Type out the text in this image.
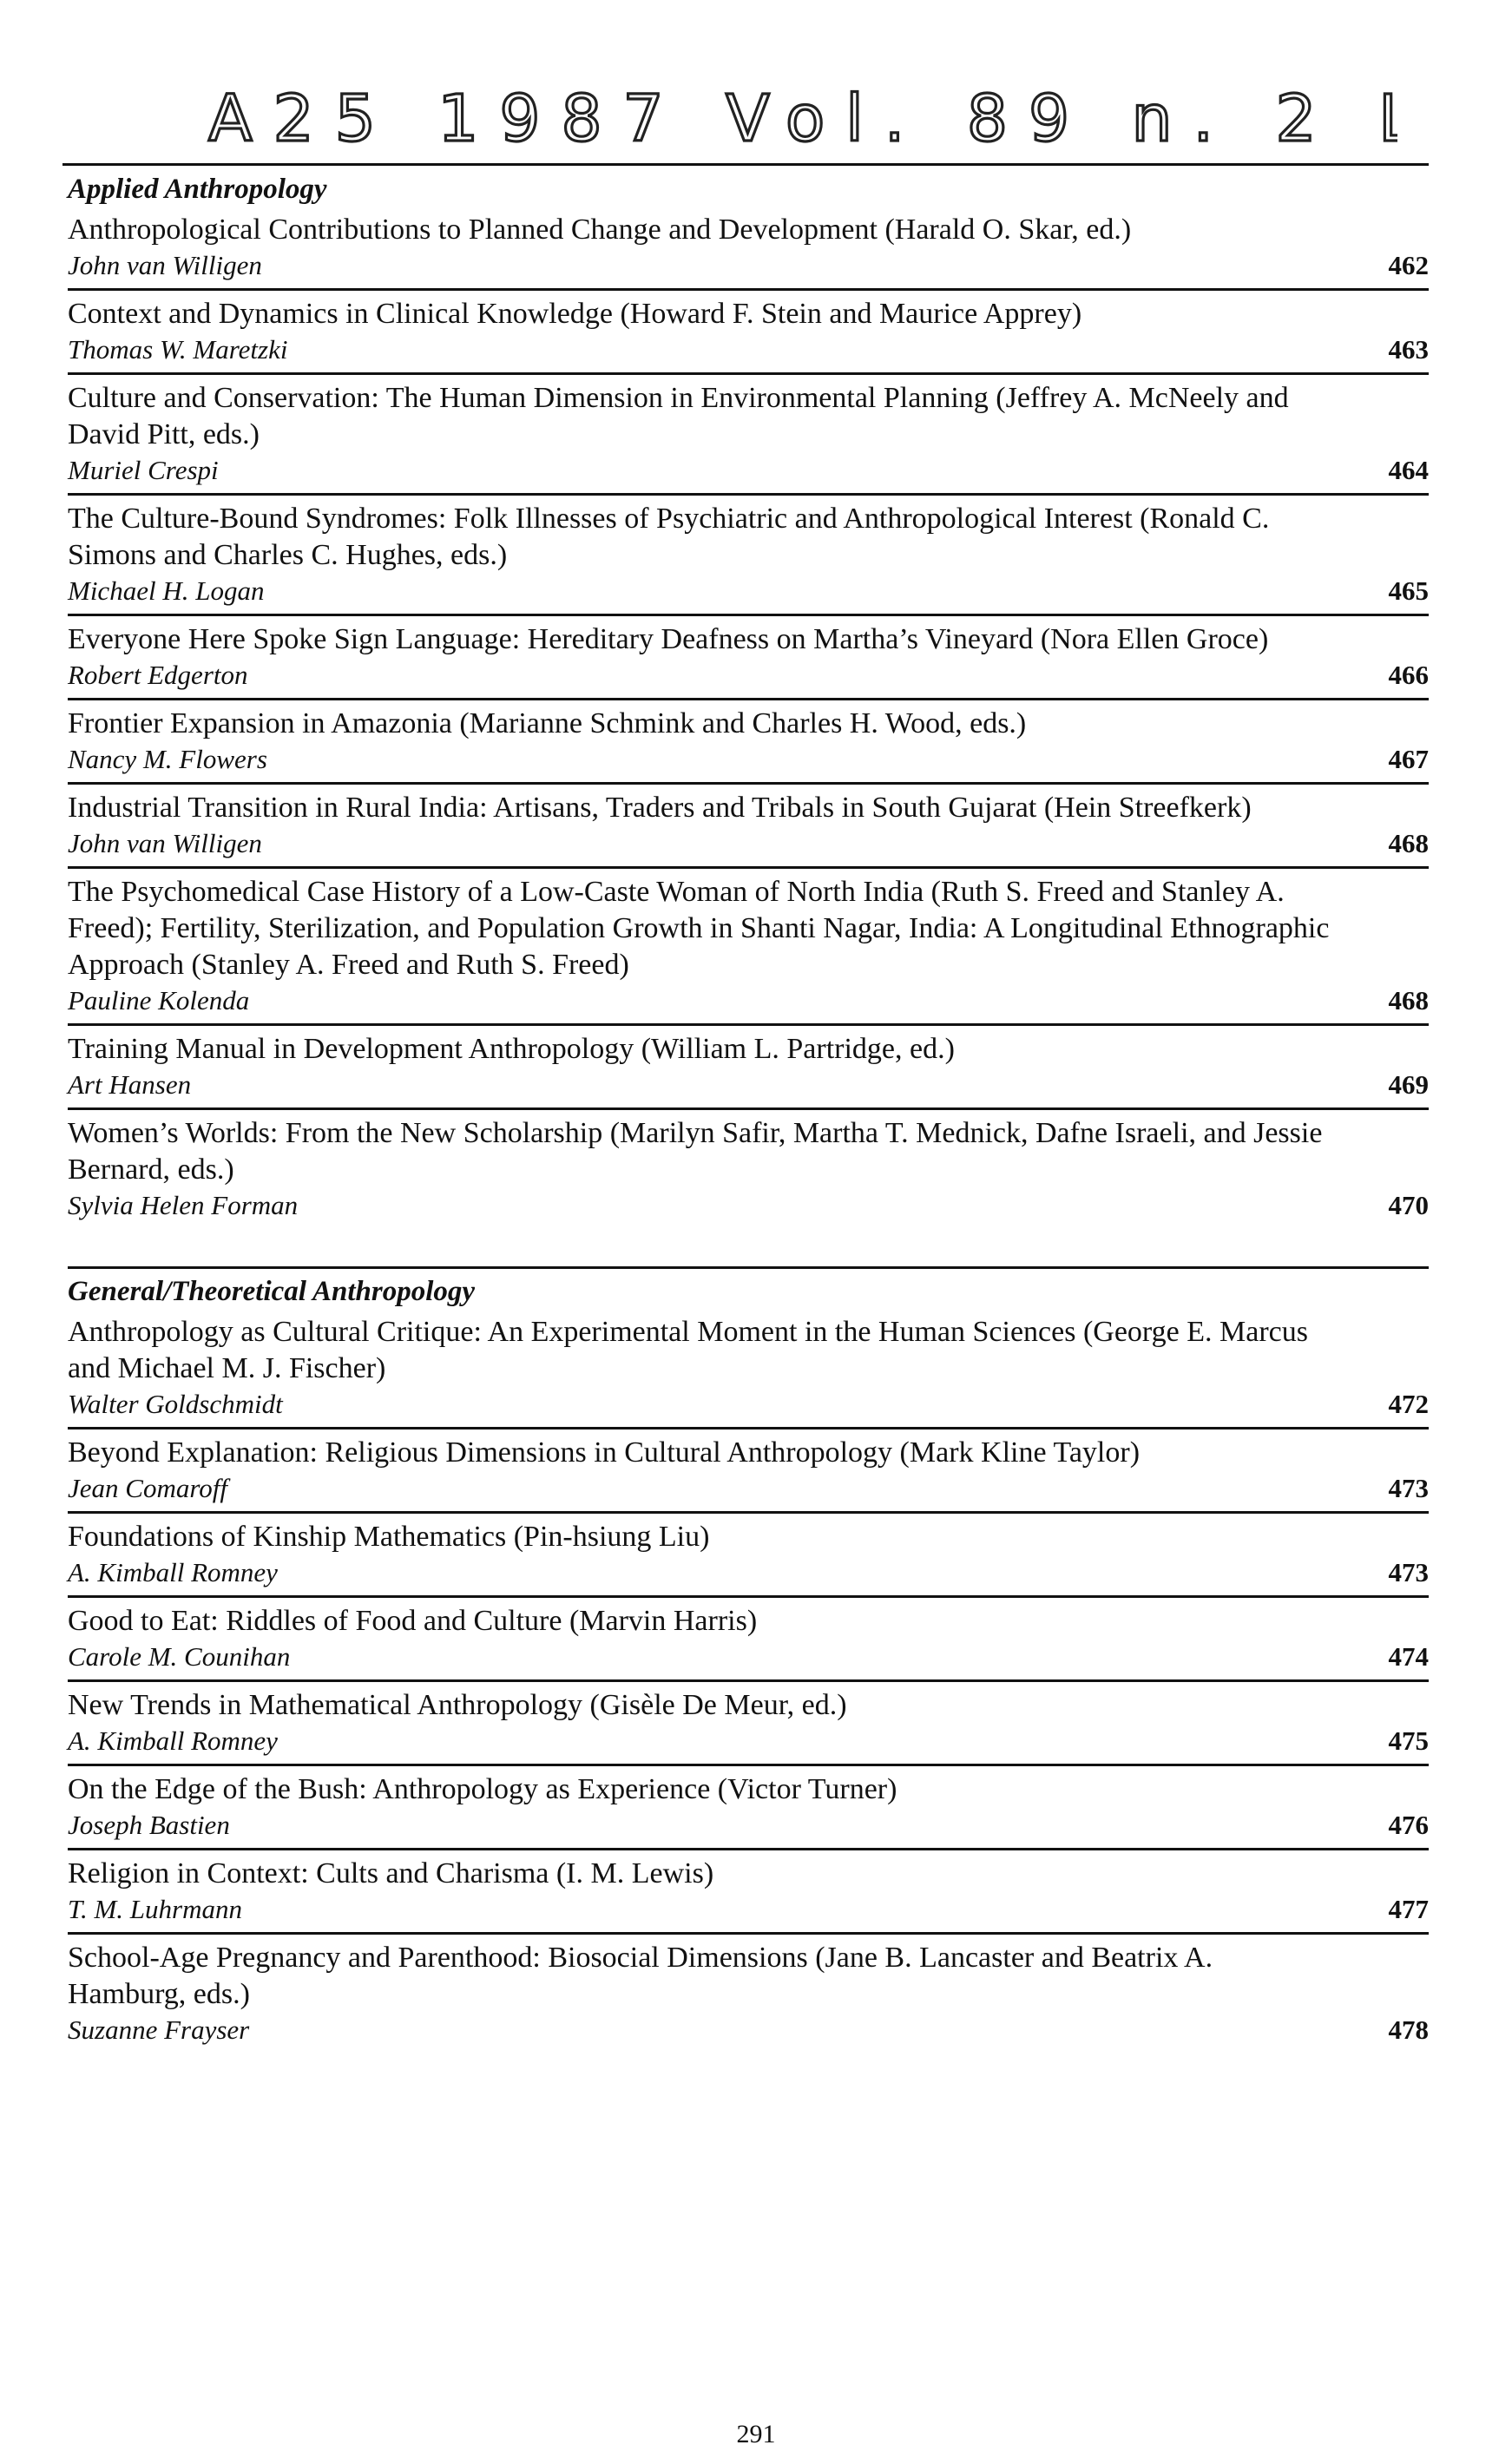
A25 1987 Vol. 89 n. 2 L3
Applied Anthropology
Anthropological Contributions to Planned Change and Development (Harald O. Skar, ed.)
John van Willigen	462
Context and Dynamics in Clinical Knowledge (Howard F. Stein and Maurice Apprey)
Thomas W. Maretzki	463
Culture and Conservation: The Human Dimension in Environmental Planning (Jeffrey A. McNeely and David Pitt, eds.)
Muriel Crespi	464
The Culture-Bound Syndromes: Folk Illnesses of Psychiatric and Anthropological Interest (Ronald C. Simons and Charles C. Hughes, eds.)
Michael H. Logan	465
Everyone Here Spoke Sign Language: Hereditary Deafness on Martha’s Vineyard (Nora Ellen Groce)
Robert Edgerton	466
Frontier Expansion in Amazonia (Marianne Schmink and Charles H. Wood, eds.)
Nancy M. Flowers	467
Industrial Transition in Rural India: Artisans, Traders and Tribals in South Gujarat (Hein Streefkerk)
John van Willigen	468
The Psychomedical Case History of a Low-Caste Woman of North India (Ruth S. Freed and Stanley A. Freed); Fertility, Sterilization, and Population Growth in Shanti Nagar, India: A Longitudinal Ethnographic Approach (Stanley A. Freed and Ruth S. Freed)
Pauline Kolenda	468
Training Manual in Development Anthropology (William L. Partridge, ed.)
Art Hansen	469
Women’s Worlds: From the New Scholarship (Marilyn Safir, Martha T. Mednick, Dafne Israeli, and Jessie Bernard, eds.)
Sylvia Helen Forman	470
General/Theoretical Anthropology
Anthropology as Cultural Critique: An Experimental Moment in the Human Sciences (George E. Marcus and Michael M. J. Fischer)
Walter Goldschmidt	472
Beyond Explanation: Religious Dimensions in Cultural Anthropology (Mark Kline Taylor)
Jean Comaroff	473
Foundations of Kinship Mathematics (Pin-hsiung Liu)
A. Kimball Romney	473
Good to Eat: Riddles of Food and Culture (Marvin Harris)
Carole M. Counihan	474
New Trends in Mathematical Anthropology (Gisèle De Meur, ed.)
A. Kimball Romney	475
On the Edge of the Bush: Anthropology as Experience (Victor Turner)
Joseph Bastien	476
Religion in Context: Cults and Charisma (I. M. Lewis)
T. M. Luhrmann	477
School-Age Pregnancy and Parenthood: Biosocial Dimensions (Jane B. Lancaster and Beatrix A. Hamburg, eds.)
Suzanne Frayser	478
291
